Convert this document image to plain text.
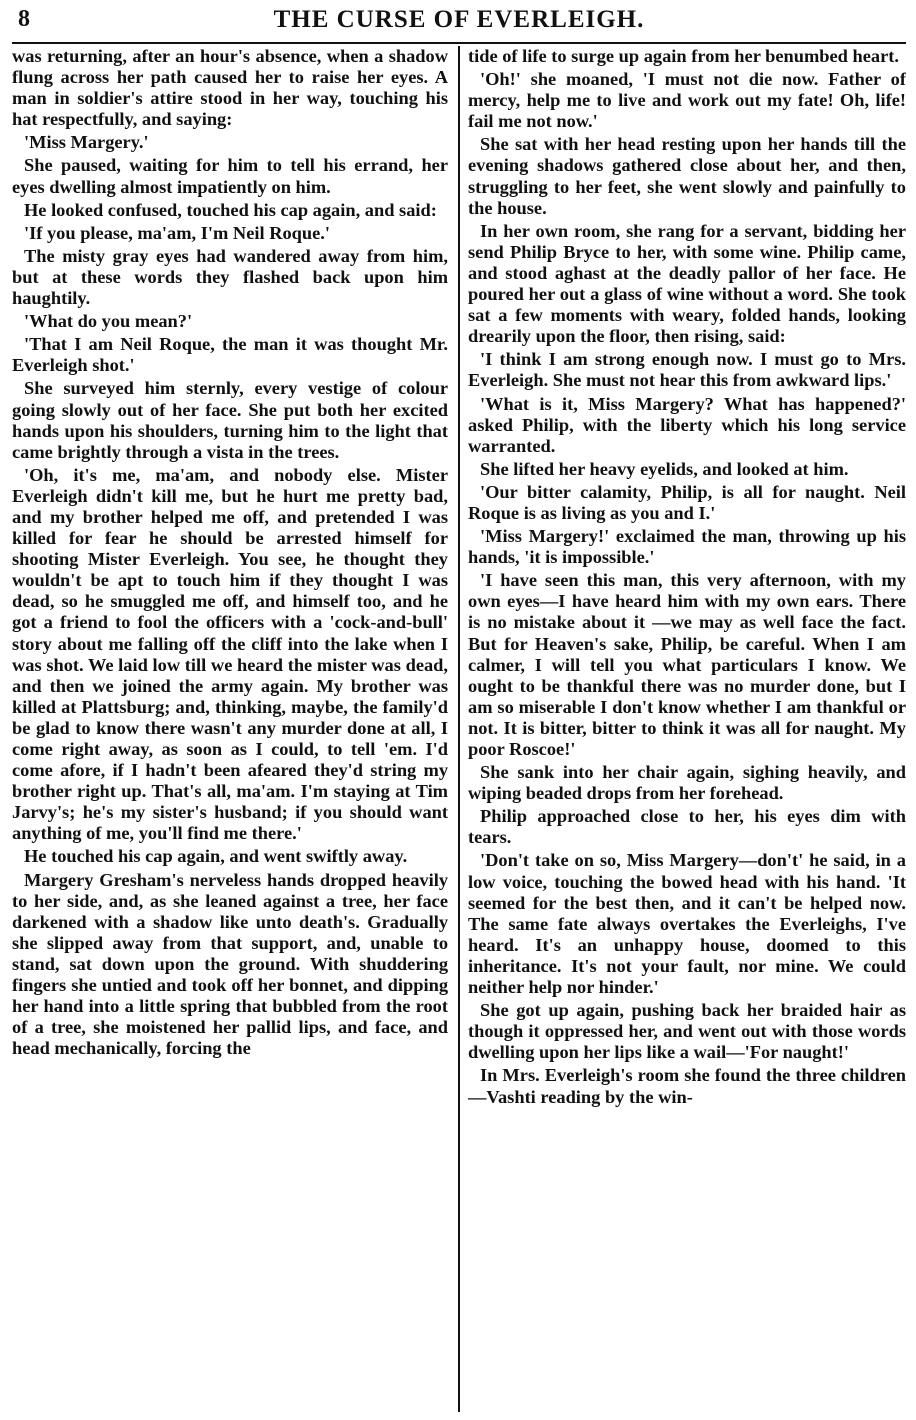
8	THE CURSE OF EVERLEIGH.

was returning, after an hour's absence, when a shadow flung across her path caused her to raise her eyes. A man in soldier's attire stood in her way, touching his hat respectfully, and saying:

'Miss Margery.'

She paused, waiting for him to tell his errand, her eyes dwelling almost impatiently on him.

He looked confused, touched his cap again, and said:

'If you please, ma'am, I'm Neil Roque.'

The misty gray eyes had wandered away from him, but at these words they flashed back upon him haughtily.

'What do you mean?'

'That I am Neil Roque, the man it was thought Mr. Everleigh shot.'

She surveyed him sternly, every vestige of colour going slowly out of her face. She put both her excited hands upon his shoulders, turning him to the light that came brightly through a vista in the trees.

'Oh, it's me, ma'am, and nobody else. Mister Everleigh didn't kill me, but he hurt me pretty bad, and my brother helped me off, and pretended I was killed for fear he should be arrested himself for shooting Mister Everleigh. You see, he thought they wouldn't be apt to touch him if they thought I was dead, so he smuggled me off, and himself too, and he got a friend to fool the officers with a 'cock-and-bull' story about me falling off the cliff into the lake when I was shot. We laid low till we heard the mister was dead, and then we joined the army again. My brother was killed at Plattsburg; and, thinking, maybe, the family'd be glad to know there wasn't any murder done at all, I come right away, as soon as I could, to tell 'em. I'd come afore, if I hadn't been afeared they'd string my brother right up. That's all, ma'am. I'm staying at Tim Jarvy's; he's my sister's husband; if you should want anything of me, you'll find me there.'

He touched his cap again, and went swiftly away.

Margery Gresham's nerveless hands dropped heavily to her side, and, as she leaned against a tree, her face darkened with a shadow like unto death's. Gradually she slipped away from that support, and, unable to stand, sat down upon the ground. With shuddering fingers she untied and took off her bonnet, and dipping her hand into a little spring that bubbled from the root of a tree, she moistened her pallid lips, and face, and head mechanically, forcing the

tide of life to surge up again from her benumbed heart.

'Oh!' she moaned, 'I must not die now. Father of mercy, help me to live and work out my fate! Oh, life! fail me not now.'

She sat with her head resting upon her hands till the evening shadows gathered close about her, and then, struggling to her feet, she went slowly and painfully to the house.

In her own room, she rang for a servant, bidding her send Philip Bryce to her, with some wine. Philip came, and stood aghast at the deadly pallor of her face. He poured her out a glass of wine without a word. She took sat a few moments with weary, folded hands, looking drearily upon the floor, then rising, said:

'I think I am strong enough now. I must go to Mrs. Everleigh. She must not hear this from awkward lips.'

'What is it, Miss Margery? What has happened?' asked Philip, with the liberty which his long service warranted.

She lifted her heavy eyelids, and looked at him.

'Our bitter calamity, Philip, is all for naught. Neil Roque is as living as you and I.'

'Miss Margery!' exclaimed the man, throwing up his hands, 'it is impossible.'

'I have seen this man, this very afternoon, with my own eyes—I have heard him with my own ears. There is no mistake about it —we may as well face the fact. But for Heaven's sake, Philip, be careful. When I am calmer, I will tell you what particulars I know. We ought to be thankful there was no murder done, but I am so miserable I don't know whether I am thankful or not. It is bitter, bitter to think it was all for naught. My poor Roscoe!'

She sank into her chair again, sighing heavily, and wiping beaded drops from her forehead.

Philip approached close to her, his eyes dim with tears.

'Don't take on so, Miss Margery—don't' he said, in a low voice, touching the bowed head with his hand. 'It seemed for the best then, and it can't be helped now. The same fate always overtakes the Everleighs, I've heard. It's an unhappy house, doomed to this inheritance. It's not your fault, nor mine. We could neither help nor hinder.'

She got up again, pushing back her braided hair as though it oppressed her, and went out with those words dwelling upon her lips like a wail—'For naught!'

In Mrs. Everleigh's room she found the three children—Vashti reading by the win-
